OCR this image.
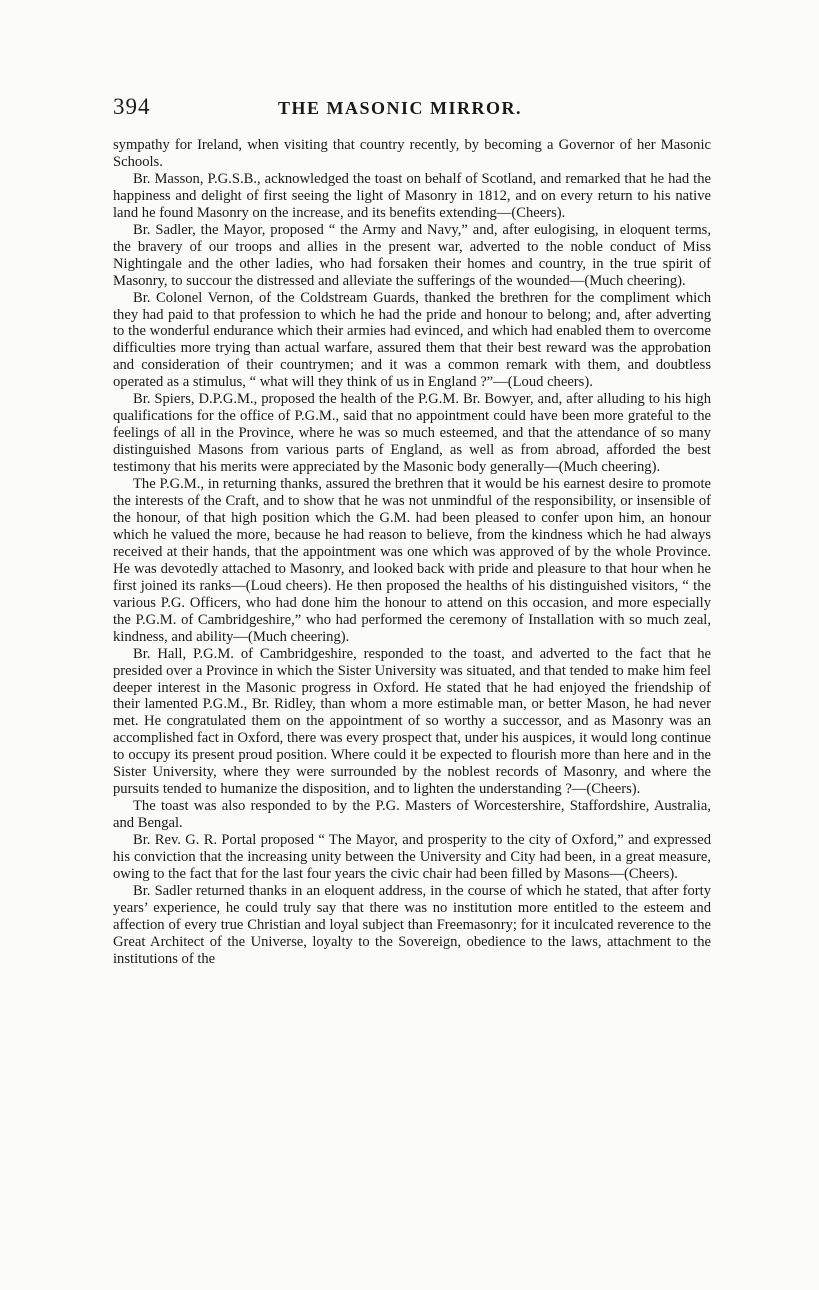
394	THE MASONIC MIRROR.

sympathy for Ireland, when visiting that country recently, by becoming a Governor of her Masonic Schools.

Br. Masson, P.G.S.B., acknowledged the toast on behalf of Scotland, and remarked that he had the happiness and delight of first seeing the light of Masonry in 1812, and on every return to his native land he found Masonry on the increase, and its benefits extending—(Cheers).

Br. Sadler, the Mayor, proposed “ the Army and Navy,” and, after eulogising, in eloquent terms, the bravery of our troops and allies in the present war, adverted to the noble conduct of Miss Nightingale and the other ladies, who had forsaken their homes and country, in the true spirit of Masonry, to succour the distressed and alleviate the sufferings of the wounded—(Much cheering).

Br. Colonel Vernon, of the Coldstream Guards, thanked the brethren for the compliment which they had paid to that profession to which he had the pride and honour to belong; and, after adverting to the wonderful endurance which their armies had evinced, and which had enabled them to overcome difficulties more trying than actual warfare, assured them that their best reward was the approbation and consideration of their countrymen; and it was a common remark with them, and doubtless operated as a stimulus, “ what will they think of us in England ?”—(Loud cheers).

Br. Spiers, D.P.G.M., proposed the health of the P.G.M. Br. Bowyer, and, after alluding to his high qualifications for the office of P.G.M., said that no appointment could have been more grateful to the feelings of all in the Province, where he was so much esteemed, and that the attendance of so many distinguished Masons from various parts of England, as well as from abroad, afforded the best testimony that his merits were appreciated by the Masonic body generally—(Much cheering).

The P.G.M., in returning thanks, assured the brethren that it would be his earnest desire to promote the interests of the Craft, and to show that he was not unmindful of the responsibility, or insensible of the honour, of that high position which the G.M. had been pleased to confer upon him, an honour which he valued the more, because he had reason to believe, from the kindness which he had always received at their hands, that the appointment was one which was approved of by the whole Province. He was devotedly attached to Masonry, and looked back with pride and pleasure to that hour when he first joined its ranks—(Loud cheers). He then proposed the healths of his distinguished visitors, “ the various P.G. Officers, who had done him the honour to attend on this occasion, and more especially the P.G.M. of Cambridgeshire,” who had performed the ceremony of Installation with so much zeal, kindness, and ability—(Much cheering).

Br. Hall, P.G.M. of Cambridgeshire, responded to the toast, and adverted to the fact that he presided over a Province in which the Sister University was situated, and that tended to make him feel deeper interest in the Masonic progress in Oxford. He stated that he had enjoyed the friendship of their lamented P.G.M., Br. Ridley, than whom a more estimable man, or better Mason, he had never met. He congratulated them on the appointment of so worthy a successor, and as Masonry was an accomplished fact in Oxford, there was every prospect that, under his auspices, it would long continue to occupy its present proud position. Where could it be expected to flourish more than here and in the Sister University, where they were surrounded by the noblest records of Masonry, and where the pursuits tended to humanize the disposition, and to lighten the understanding ?—(Cheers).

The toast was also responded to by the P.G. Masters of Worcestershire, Staffordshire, Australia, and Bengal.

Br. Rev. G. R. Portal proposed “ The Mayor, and prosperity to the city of Oxford,” and expressed his conviction that the increasing unity between the University and City had been, in a great measure, owing to the fact that for the last four years the civic chair had been filled by Masons—(Cheers).

Br. Sadler returned thanks in an eloquent address, in the course of which he stated, that after forty years’ experience, he could truly say that there was no institution more entitled to the esteem and affection of every true Christian and loyal subject than Freemasonry; for it inculcated reverence to the Great Architect of the Universe, loyalty to the Sovereign, obedience to the laws, attachment to the institutions of the
